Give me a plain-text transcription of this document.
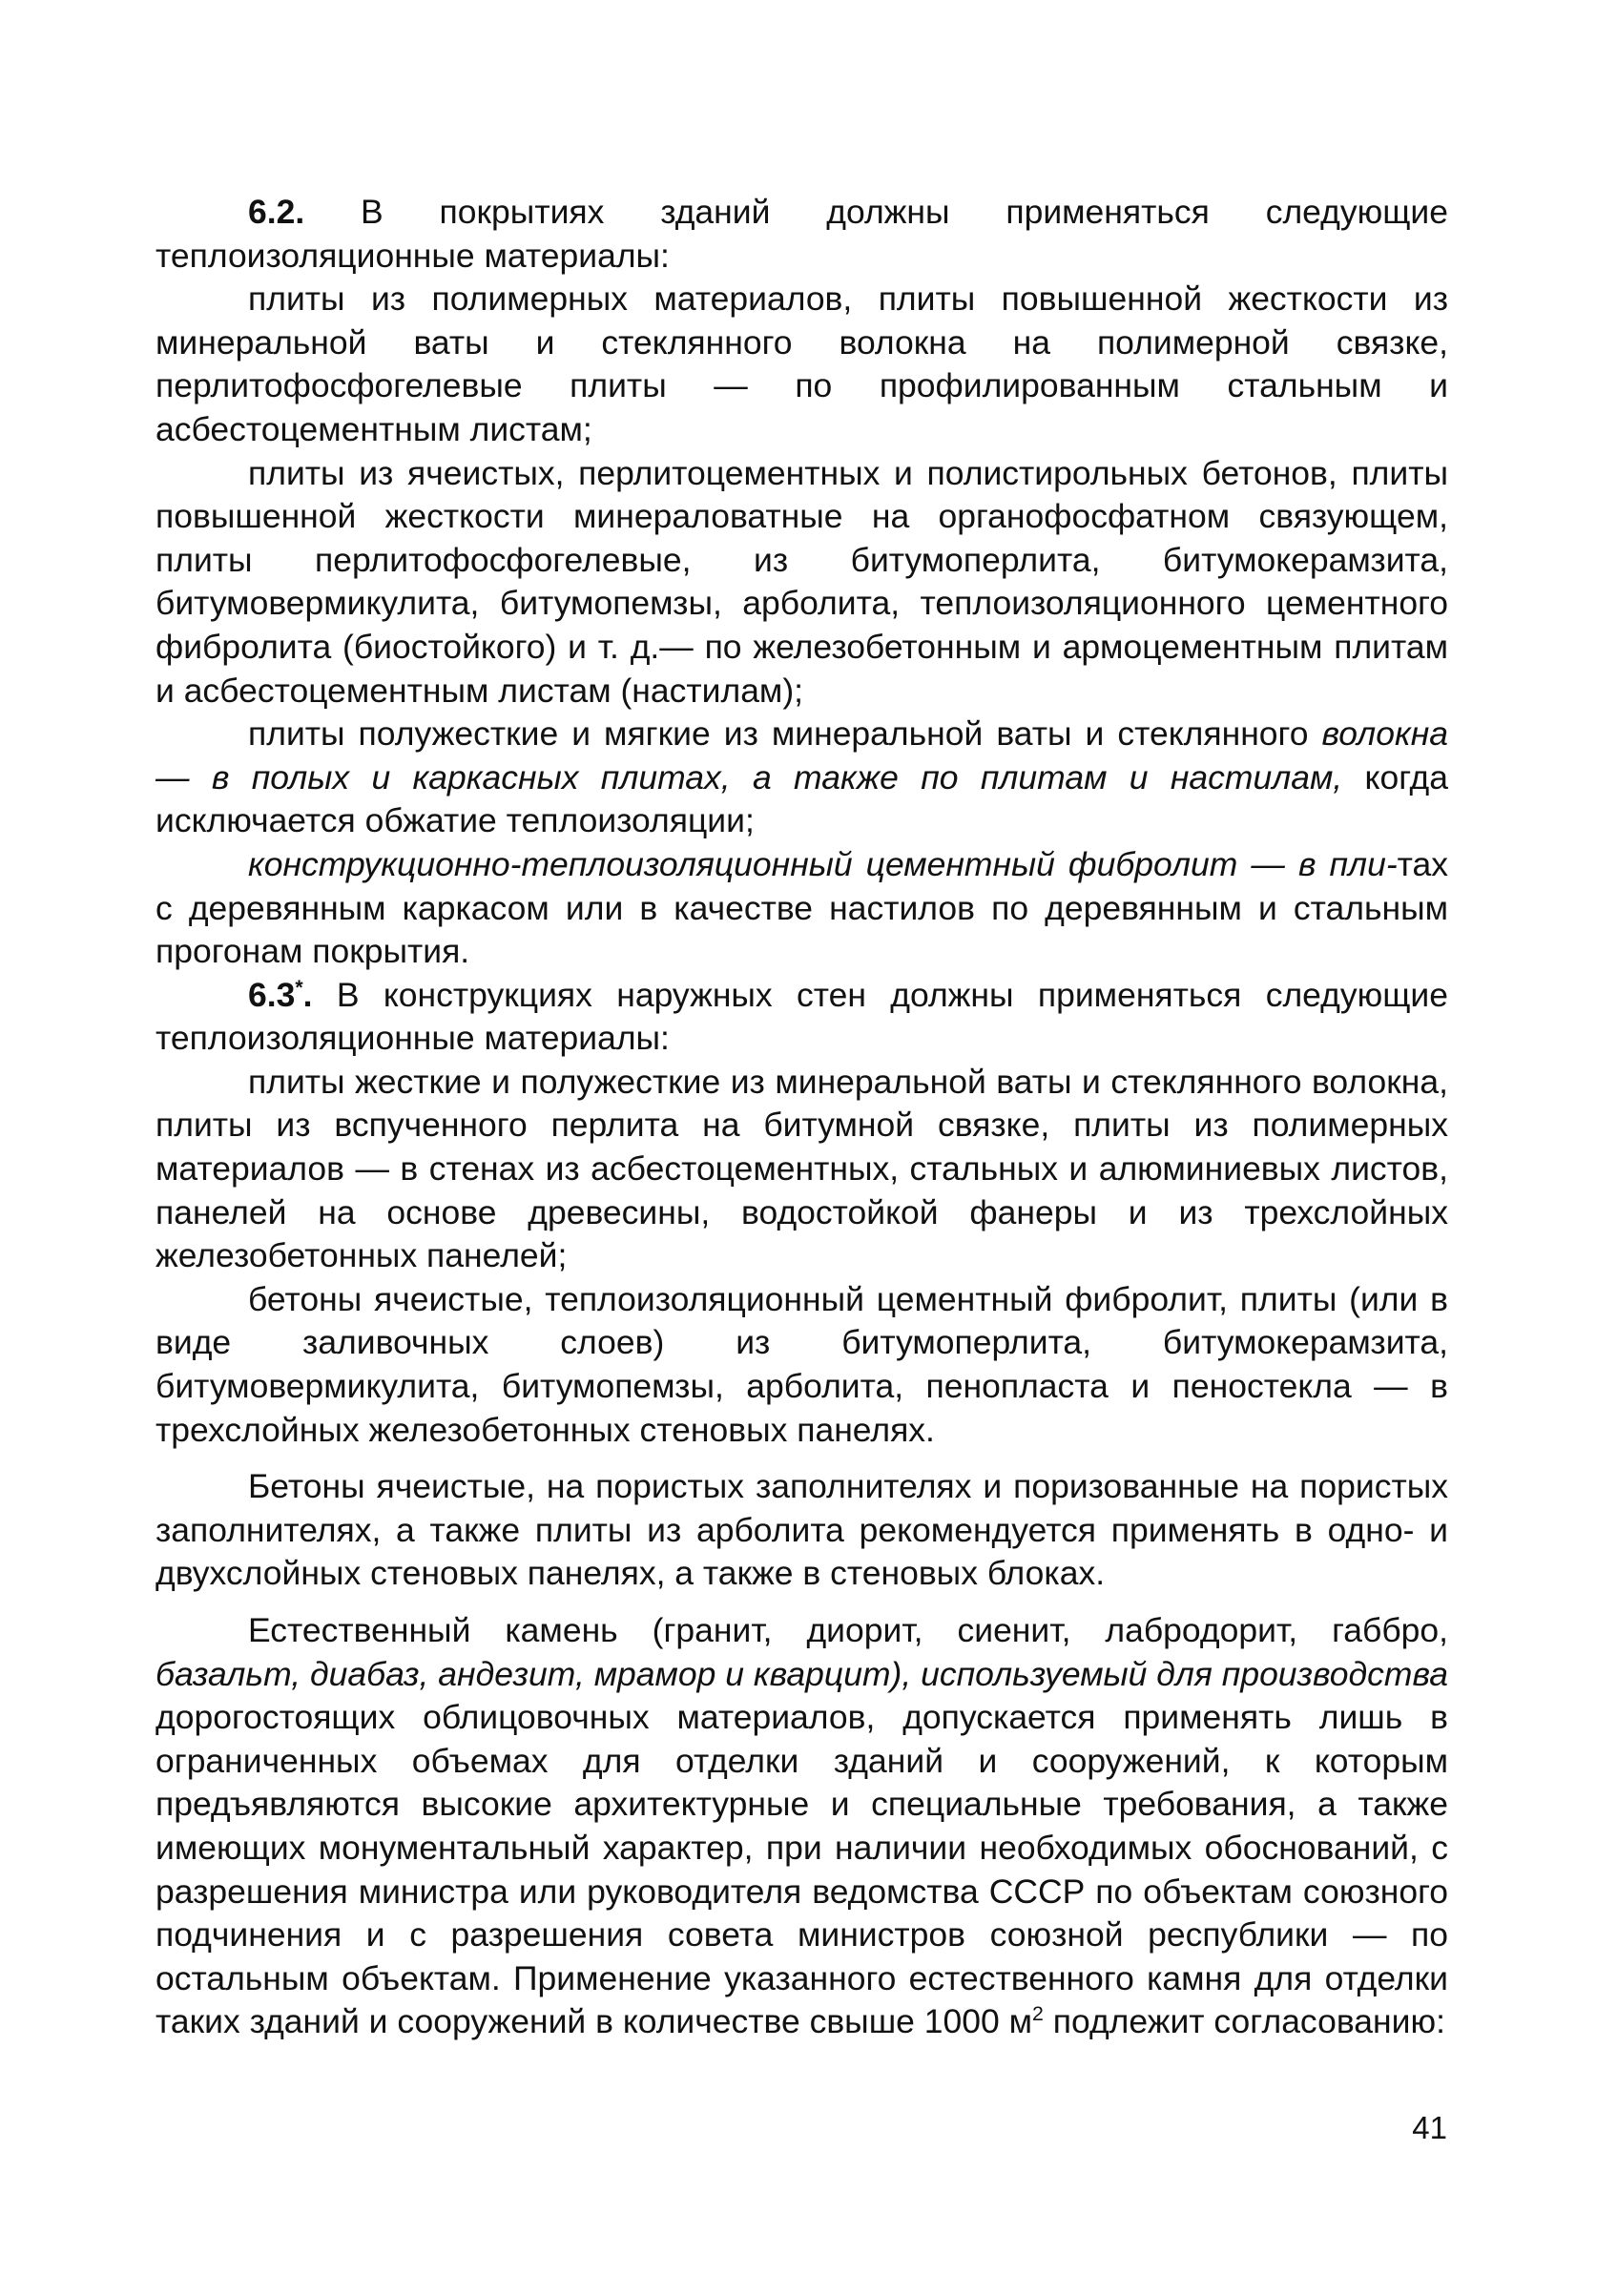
6.2. В покрытиях зданий должны применяться следующие теплоизоляционные материалы:

плиты из полимерных материалов, плиты повышенной жесткости из минеральной ваты и стеклянного волокна на полимерной связке, перлитофосфогелевые плиты — по профилированным стальным и асбестоцементным листам;

плиты из ячеистых, перлитоцементных и полистирольных бетонов, плиты повышенной жесткости минераловатные на органофосфатном связующем, плиты перлитофосфогелевые, из битумоперлита, битумокерамзита, битумовермикулита, битумопемзы, арболита, теплоизоляционного цементного фибролита (биостойкого) и т. д.— по железобетонным и армоцементным плитам и асбестоцементным листам (настилам);

плиты полужесткие и мягкие из минеральной ваты и стеклянного волокна — в полых и каркасных плитах, а также по плитам и настилам, когда исключается обжатие теплоизоляции;

конструкционно-теплоизоляционный цементный фибролит — в пли-тах с деревянным каркасом или в качестве настилов по деревянным и стальным прогонам покрытия.

6.3*. В конструкциях наружных стен должны применяться следующие теплоизоляционные материалы:

плиты жесткие и полужесткие из минеральной ваты и стеклянного волокна, плиты из вспученного перлита на битумной связке, плиты из полимерных материалов — в стенах из асбестоцементных, стальных и алюминиевых листов, панелей на основе древесины, водостойкой фанеры и из трехслойных железобетонных панелей;

бетоны ячеистые, теплоизоляционный цементный фибролит, плиты (или в виде заливочных слоев) из битумоперлита, битумокерамзита, битумовермикулита, битумопемзы, арболита, пенопласта и пеностекла — в трехслойных железобетонных стеновых панелях.

Бетоны ячеистые, на пористых заполнителях и поризованные на пористых заполнителях, а также плиты из арболита рекомендуется применять в одно- и двухслойных стеновых панелях, а также в стеновых блоках.

Естественный камень (гранит, диорит, сиенит, лабродорит, габбро, базальт, диабаз, андезит, мрамор и кварцит), используемый для производства дорогостоящих облицовочных материалов, допускается применять лишь в ограниченных объемах для отделки зданий и сооружений, к которым предъявляются высокие архитектурные и специальные требования, а также имеющих монументальный характер, при наличии необходимых обоснований, с разрешения министра или руководителя ведомства СССР по объектам союзного подчинения и с разрешения совета министров союзной республики — по остальным объектам. Применение указанного естественного камня для отделки таких зданий и сооружений в количестве свыше 1000 $м^2$ подлежит согласованию:

41
